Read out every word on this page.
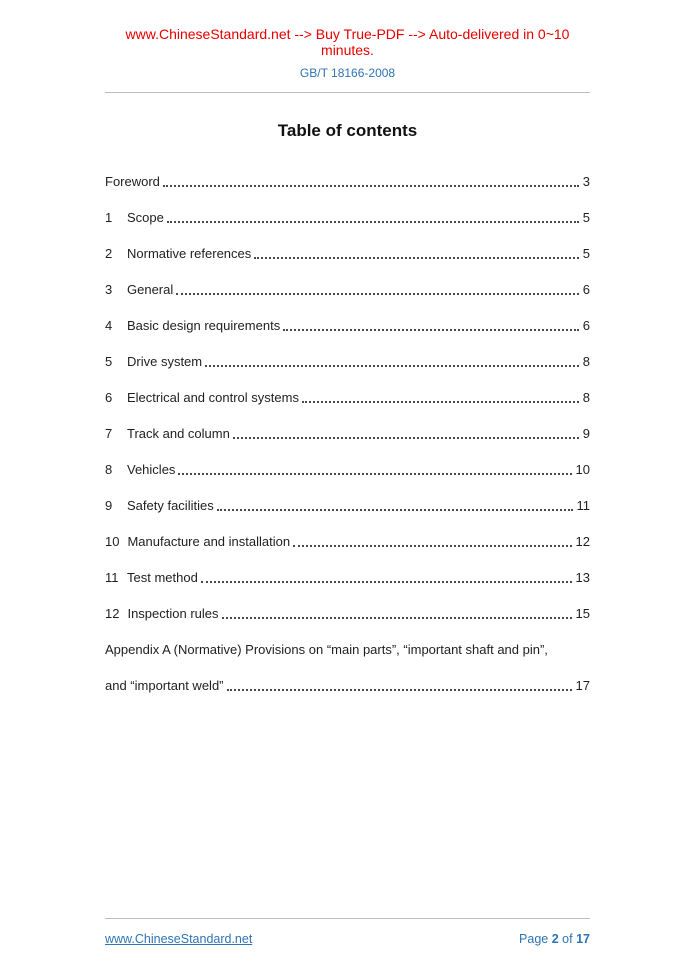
www.ChineseStandard.net --> Buy True-PDF --> Auto-delivered in 0~10 minutes.
GB/T 18166-2008
Table of contents
Foreword	3
1	Scope	5
2	Normative references	5
3	General	6
4	Basic design requirements	6
5	Drive system	8
6	Electrical and control systems	8
7	Track and column	9
8	Vehicles	10
9	Safety facilities	11
10 Manufacture and installation	12
11 Test method	13
12 Inspection rules	15
Appendix A (Normative) Provisions on “main parts”, “important shaft and pin”,
and “important weld”	17
www.ChineseStandard.net	Page 2 of 17
